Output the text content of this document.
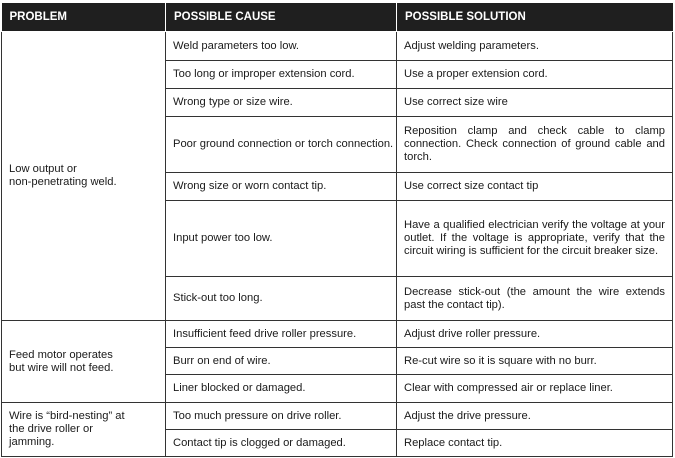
PROBLEM	POSSIBLE CAUSE	POSSIBLE SOLUTION
Low output or
non-penetrating weld.	Weld parameters too low.	Adjust welding parameters.
	Too long or improper extension cord.	Use a proper extension cord.
	Wrong type or size wire.	Use correct size wire
	Poor ground connection or torch connection.	Reposition clamp and check cable to clamp connection. Check connection of ground cable and torch.
	Wrong size or worn contact tip.	Use correct size contact tip
	Input power too low.	Have a qualified electrician verify the voltage at your outlet. If the voltage is appropriate, verify that the circuit wiring is sufficient for the circuit breaker size.
	Stick-out too long.	Decrease stick-out (the amount the wire extends past the contact tip).
Feed motor operates
but wire will not feed.	Insufficient feed drive roller pressure.	Adjust drive roller pressure.
	Burr on end of wire.	Re-cut wire so it is square with no burr.
	Liner blocked or damaged.	Clear with compressed air or replace liner.
Wire is “bird-nesting” at
the drive roller or
jamming.	Too much pressure on drive roller.	Adjust the drive pressure.
	Contact tip is clogged or damaged.	Replace contact tip.
